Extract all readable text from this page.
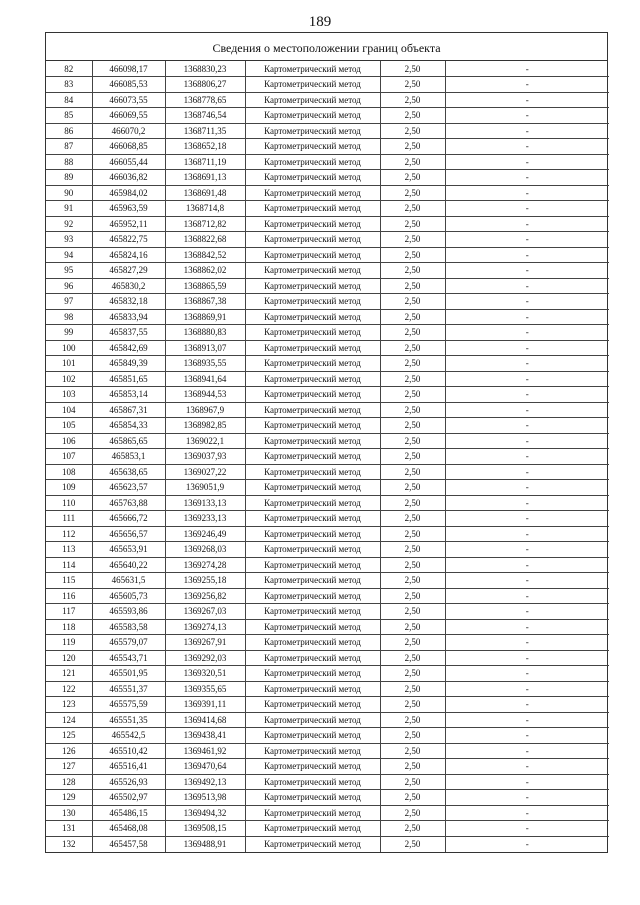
189
Сведения о местоположении границ объекта
82	466098,17	1368830,23	Картометрический метод	2,50	-
83	466085,53	1368806,27	Картометрический метод	2,50	-
84	466073,55	1368778,65	Картометрический метод	2,50	-
85	466069,55	1368746,54	Картометрический метод	2,50	-
86	466070,2	1368711,35	Картометрический метод	2,50	-
87	466068,85	1368652,18	Картометрический метод	2,50	-
88	466055,44	1368711,19	Картометрический метод	2,50	-
89	466036,82	1368691,13	Картометрический метод	2,50	-
90	465984,02	1368691,48	Картометрический метод	2,50	-
91	465963,59	1368714,8	Картометрический метод	2,50	-
92	465952,11	1368712,82	Картометрический метод	2,50	-
93	465822,75	1368822,68	Картометрический метод	2,50	-
94	465824,16	1368842,52	Картометрический метод	2,50	-
95	465827,29	1368862,02	Картометрический метод	2,50	-
96	465830,2	1368865,59	Картометрический метод	2,50	-
97	465832,18	1368867,38	Картометрический метод	2,50	-
98	465833,94	1368869,91	Картометрический метод	2,50	-
99	465837,55	1368880,83	Картометрический метод	2,50	-
100	465842,69	1368913,07	Картометрический метод	2,50	-
101	465849,39	1368935,55	Картометрический метод	2,50	-
102	465851,65	1368941,64	Картометрический метод	2,50	-
103	465853,14	1368944,53	Картометрический метод	2,50	-
104	465867,31	1368967,9	Картометрический метод	2,50	-
105	465854,33	1368982,85	Картометрический метод	2,50	-
106	465865,65	1369022,1	Картометрический метод	2,50	-
107	465853,1	1369037,93	Картометрический метод	2,50	-
108	465638,65	1369027,22	Картометрический метод	2,50	-
109	465623,57	1369051,9	Картометрический метод	2,50	-
110	465763,88	1369133,13	Картометрический метод	2,50	-
111	465666,72	1369233,13	Картометрический метод	2,50	-
112	465656,57	1369246,49	Картометрический метод	2,50	-
113	465653,91	1369268,03	Картометрический метод	2,50	-
114	465640,22	1369274,28	Картометрический метод	2,50	-
115	465631,5	1369255,18	Картометрический метод	2,50	-
116	465605,73	1369256,82	Картометрический метод	2,50	-
117	465593,86	1369267,03	Картометрический метод	2,50	-
118	465583,58	1369274,13	Картометрический метод	2,50	-
119	465579,07	1369267,91	Картометрический метод	2,50	-
120	465543,71	1369292,03	Картометрический метод	2,50	-
121	465501,95	1369320,51	Картометрический метод	2,50	-
122	465551,37	1369355,65	Картометрический метод	2,50	-
123	465575,59	1369391,11	Картометрический метод	2,50	-
124	465551,35	1369414,68	Картометрический метод	2,50	-
125	465542,5	1369438,41	Картометрический метод	2,50	-
126	465510,42	1369461,92	Картометрический метод	2,50	-
127	465516,41	1369470,64	Картометрический метод	2,50	-
128	465526,93	1369492,13	Картометрический метод	2,50	-
129	465502,97	1369513,98	Картометрический метод	2,50	-
130	465486,15	1369494,32	Картометрический метод	2,50	-
131	465468,08	1369508,15	Картометрический метод	2,50	-
132	465457,58	1369488,91	Картометрический метод	2,50	-
